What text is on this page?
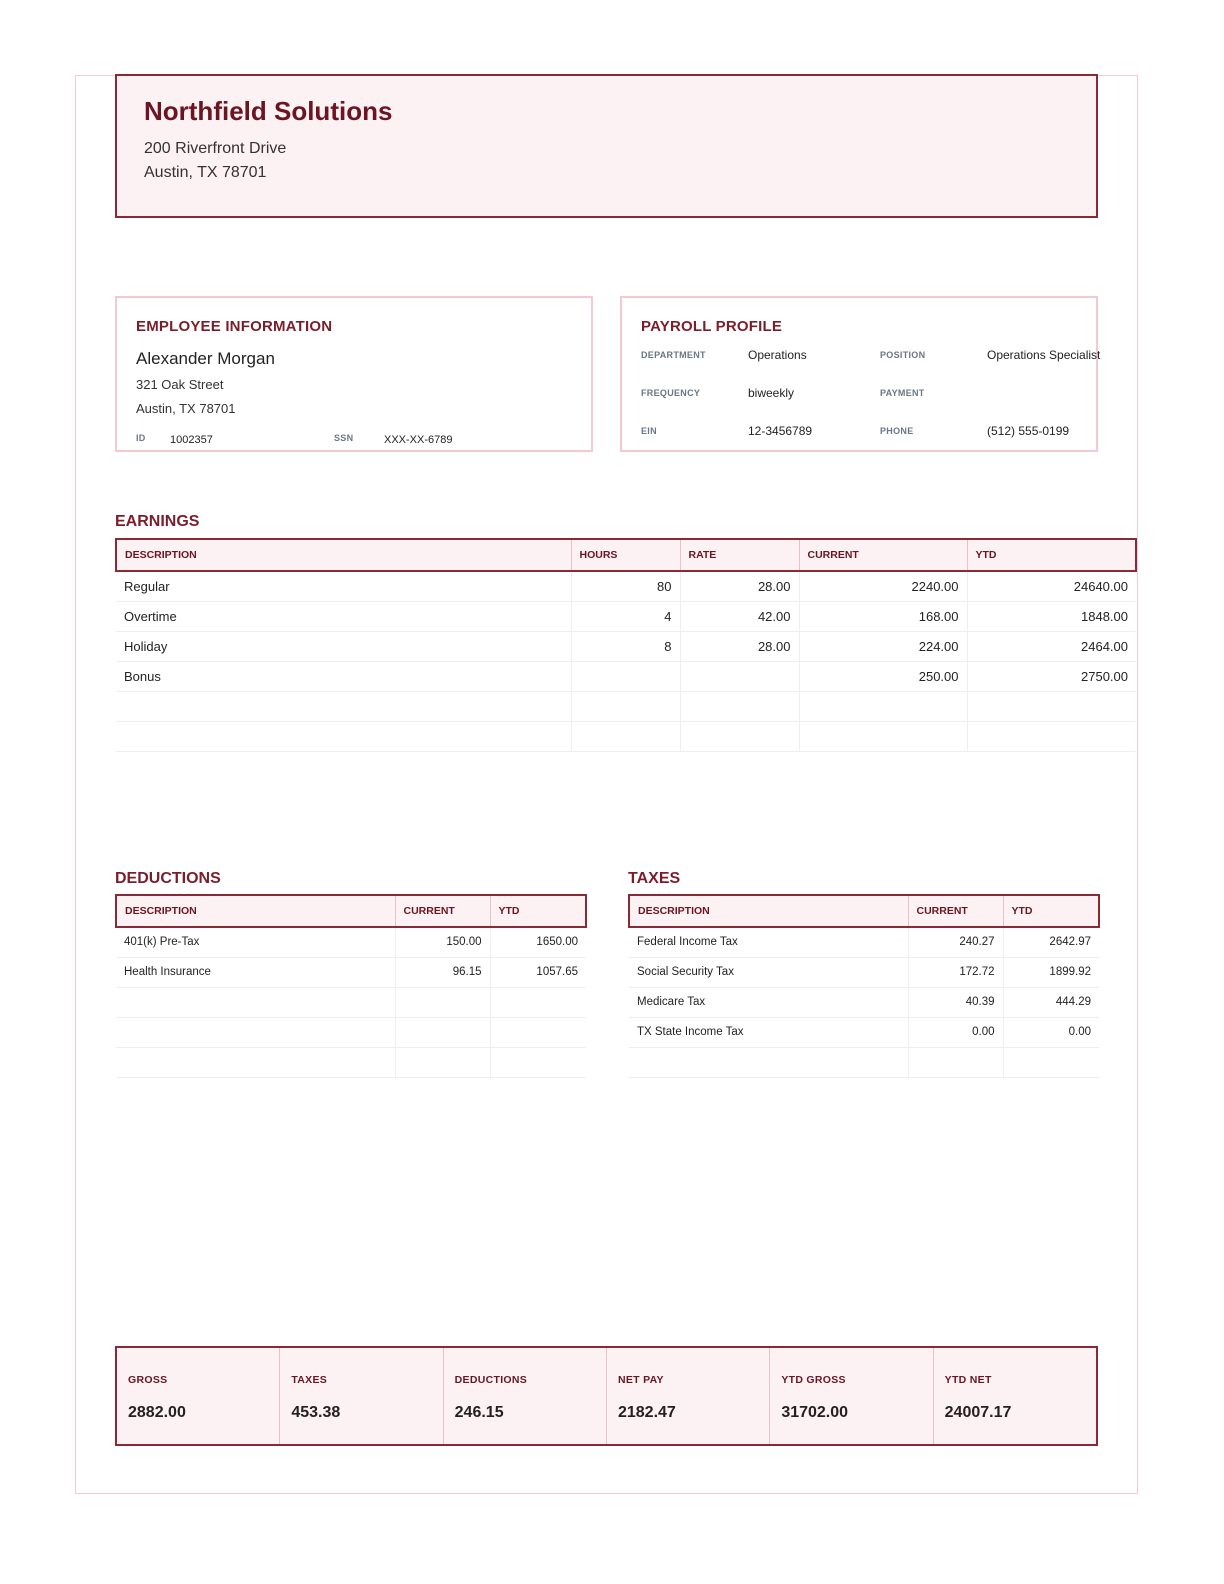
Northfield Solutions
200 Riverfront Drive
Austin, TX 78701
EMPLOYEE INFORMATION
Alexander Morgan
321 Oak Street
Austin, TX 78701
ID 1002357	SSN	XXX-XX-6789
PAYROLL PROFILE
DEPARTMENT	Operations	POSITION	Operations Specialist
FREQUENCY	biweekly	PAYMENT
EIN	12-3456789	PHONE	(512) 555-0199
EARNINGS
DESCRIPTION	HOURS	RATE	CURRENT	YTD
Regular	80	28.00	2240.00	24640.00
Overtime	4	42.00	168.00	1848.00
Holiday	8	28.00	224.00	2464.00
Bonus			250.00	2750.00

DEDUCTIONS
DESCRIPTION	CURRENT	YTD
401(k) Pre-Tax	150.00	1650.00
Health Insurance	96.15	1057.65

TAXES
DESCRIPTION	CURRENT	YTD
Federal Income Tax	240.27	2642.97
Social Security Tax	172.72	1899.92
Medicare Tax	40.39	444.29
TX State Income Tax	0.00	0.00

GROSS
2882.00
TAXES
453.38
DEDUCTIONS
246.15
NET PAY
2182.47
YTD GROSS
31702.00
YTD NET
24007.17
